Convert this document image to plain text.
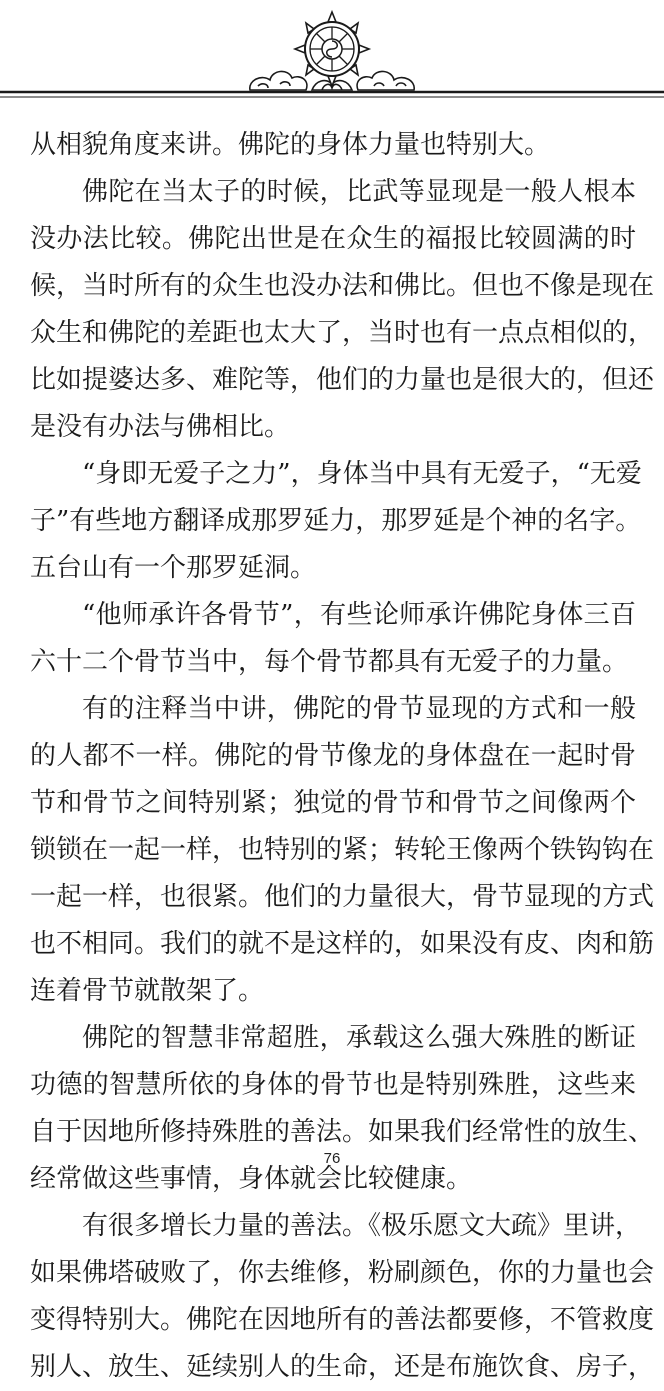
从相貌角度来讲。佛陀的身体力量也特别大。
佛陀在当太子的时候，比武等显现是一般人根本
没办法比较。佛陀出世是在众生的福报比较圆满的时
候，当时所有的众生也没办法和佛比。但也不像是现在
众生和佛陀的差距也太大了，当时也有一点点相似的，
比如提婆达多、难陀等，他们的力量也是很大的，但还
是没有办法与佛相比。
“身即无爱子之力”，身体当中具有无爱子，“无爱
子”有些地方翻译成那罗延力，那罗延是个神的名字。
五台山有一个那罗延洞。
“他师承许各骨节”，有些论师承许佛陀身体三百
六十二个骨节当中，每个骨节都具有无爱子的力量。
有的注释当中讲，佛陀的骨节显现的方式和一般
的人都不一样。佛陀的骨节像龙的身体盘在一起时骨
节和骨节之间特别紧；独觉的骨节和骨节之间像两个
锁锁在一起一样，也特别的紧；转轮王像两个铁钩钩在
一起一样，也很紧。他们的力量很大，骨节显现的方式
也不相同。我们的就不是这样的，如果没有皮、肉和筋
连着骨节就散架了。
佛陀的智慧非常超胜，承载这么强大殊胜的断证
功德的智慧所依的身体的骨节也是特别殊胜，这些来
自于因地所修持殊胜的善法。如果我们经常性的放生、
经常做这些事情，身体就会比较健康。
有很多增长力量的善法。《极乐愿文大疏》里讲，
如果佛塔破败了，你去维修，粉刷颜色，你的力量也会
变得特别大。佛陀在因地所有的善法都要修，不管救度
别人、放生、延续别人的生命，还是布施饮食、房子，
76
